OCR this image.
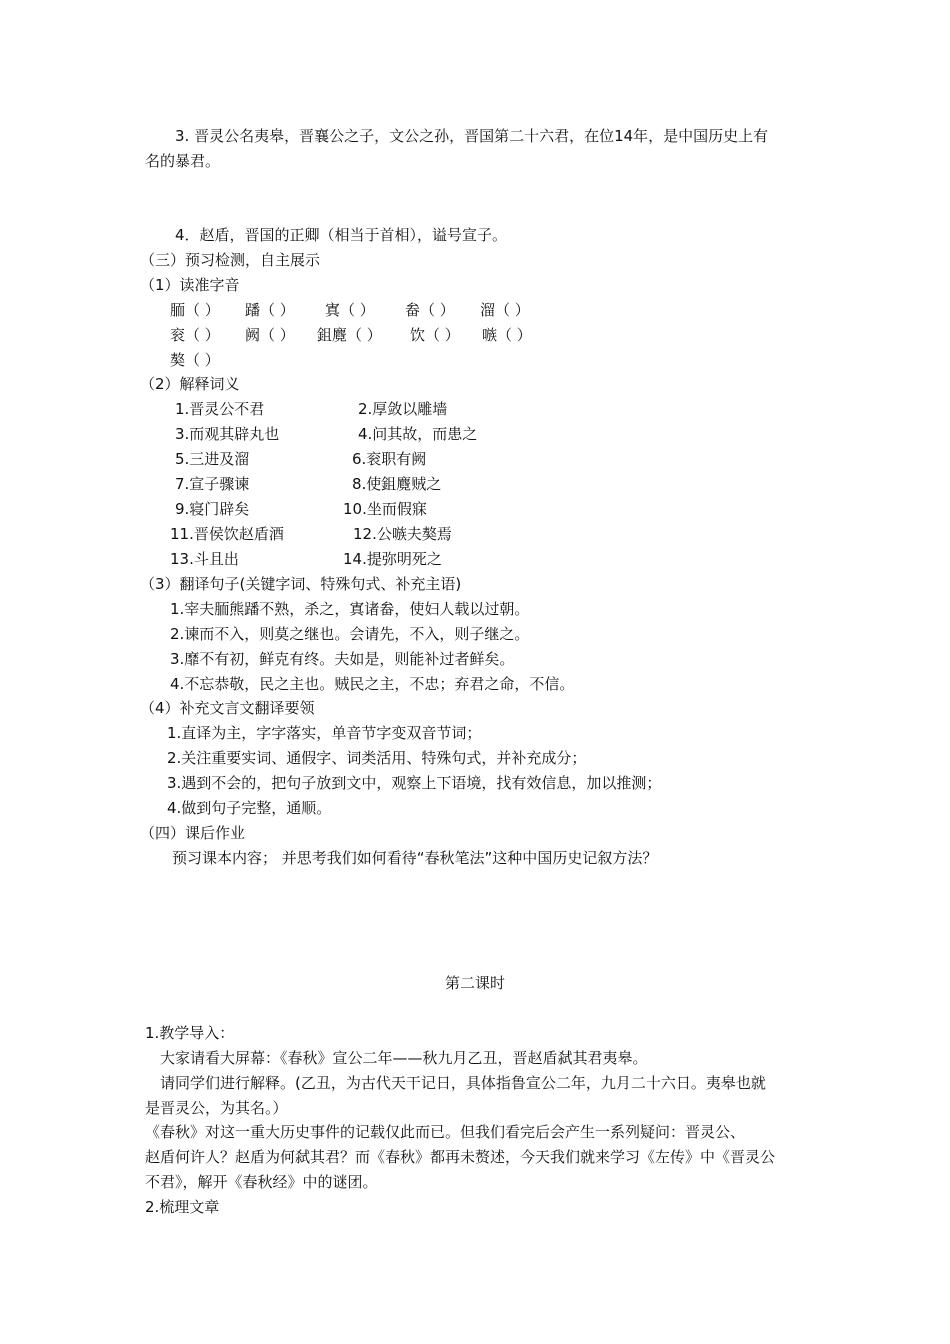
3. 晋灵公名夷皋，晋襄公之子，文公之孙，晋国第二十六君，在位14年，是中国历史上有
名的暴君。
4．赵盾，晋国的正卿（相当于首相），谥号宣子。
（三）预习检测，自主展示
（1）读准字音
胹（ ） 蹯（ ） 寘（ ） 畚（ ） 溜（ ）
衮（ ） 阙（ ） 鉏麑（ ） 饮（ ） 嗾（ ）
獒（ ）
（2）解释词义
1.晋灵公不君	2.厚敛以雕墙
3.而观其辟丸也	4.问其故，而患之
5.三进及溜	6.衮职有阙
7.宣子骤谏	8.使鉏麑贼之
9.寝门辟矣	10.坐而假寐
11.晋侯饮赵盾酒	12.公嗾夫獒焉
13.斗且出	14.提弥明死之
（3）翻译句子(关键字词、特殊句式、补充主语)
1.宰夫胹熊蹯不熟，杀之，寘诸畚，使妇人载以过朝。
2.谏而不入，则莫之继也。会请先，不入，则子继之。
3.靡不有初，鲜克有终。夫如是，则能补过者鲜矣。
4.不忘恭敬，民之主也。贼民之主，不忠；弃君之命，不信。
（4）补充文言文翻译要领
1.直译为主，字字落实，单音节字变双音节词；
2.关注重要实词、通假字、词类活用、特殊句式，并补充成分；
3.遇到不会的，把句子放到文中，观察上下语境，找有效信息，加以推测；
4.做到句子完整，通顺。
（四）课后作业
预习课本内容； 并思考我们如何看待“春秋笔法”这种中国历史记叙方法？
第二课时
1.教学导入：
大家请看大屏幕：《春秋》宣公二年——秋九月乙丑，晋赵盾弑其君夷皋。
请同学们进行解释。(乙丑，为古代天干记日，具体指鲁宣公二年，九月二十六日。夷皋也就
是晋灵公，为其名。）
《春秋》对这一重大历史事件的记载仅此而已。但我们看完后会产生一系列疑问：晋灵公、
赵盾何许人？赵盾为何弑其君？而《春秋》都再未赘述，今天我们就来学习《左传》中《晋灵公
不君》，解开《春秋经》中的谜团。
2.梳理文章
